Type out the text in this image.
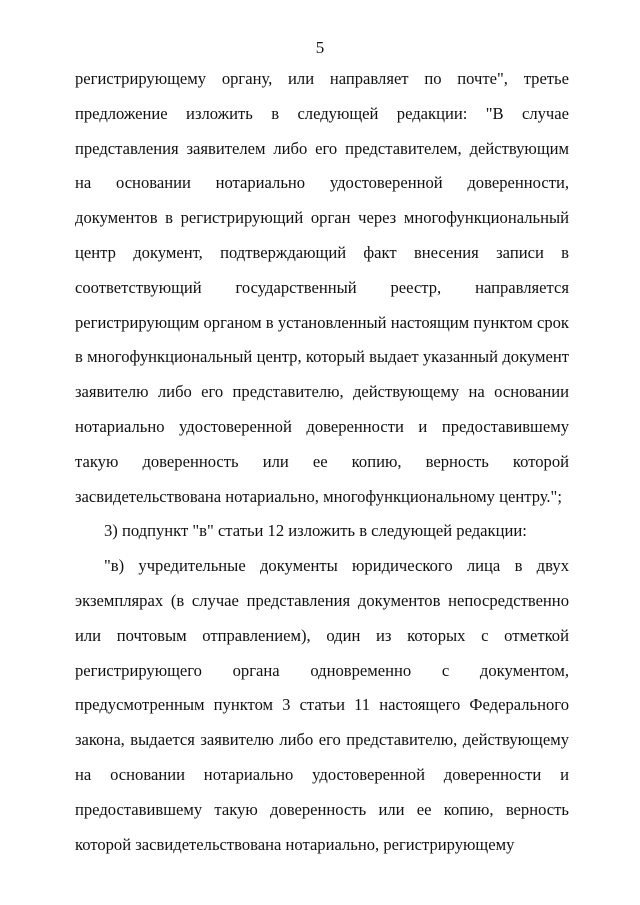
5

регистрирующему органу, или направляет по почте", третье предложение изложить в следующей редакции: "В случае представления заявителем либо его представителем, действующим на основании нотариально удостоверенной доверенности, документов в регистрирующий орган через многофункциональный центр документ, подтверждающий факт внесения записи в соответствующий государственный реестр, направляется регистрирующим органом в установленный настоящим пунктом срок в многофункциональный центр, который выдает указанный документ заявителю либо его представителю, действующему на основании нотариально удостоверенной доверенности и предоставившему такую доверенность или ее копию, верность которой засвидетельствована нотариально, многофункциональному центру.";

3) подпункт "в" статьи 12 изложить в следующей редакции:

"в) учредительные документы юридического лица в двух экземплярах (в случае представления документов непосредственно или почтовым отправлением), один из которых с отметкой регистрирующего органа одновременно с документом, предусмотренным пунктом 3 статьи 11 настоящего Федерального закона, выдается заявителю либо его представителю, действующему на основании нотариально удостоверенной доверенности и предоставившему такую доверенность или ее копию, верность которой засвидетельствована нотариально, регистрирующему
